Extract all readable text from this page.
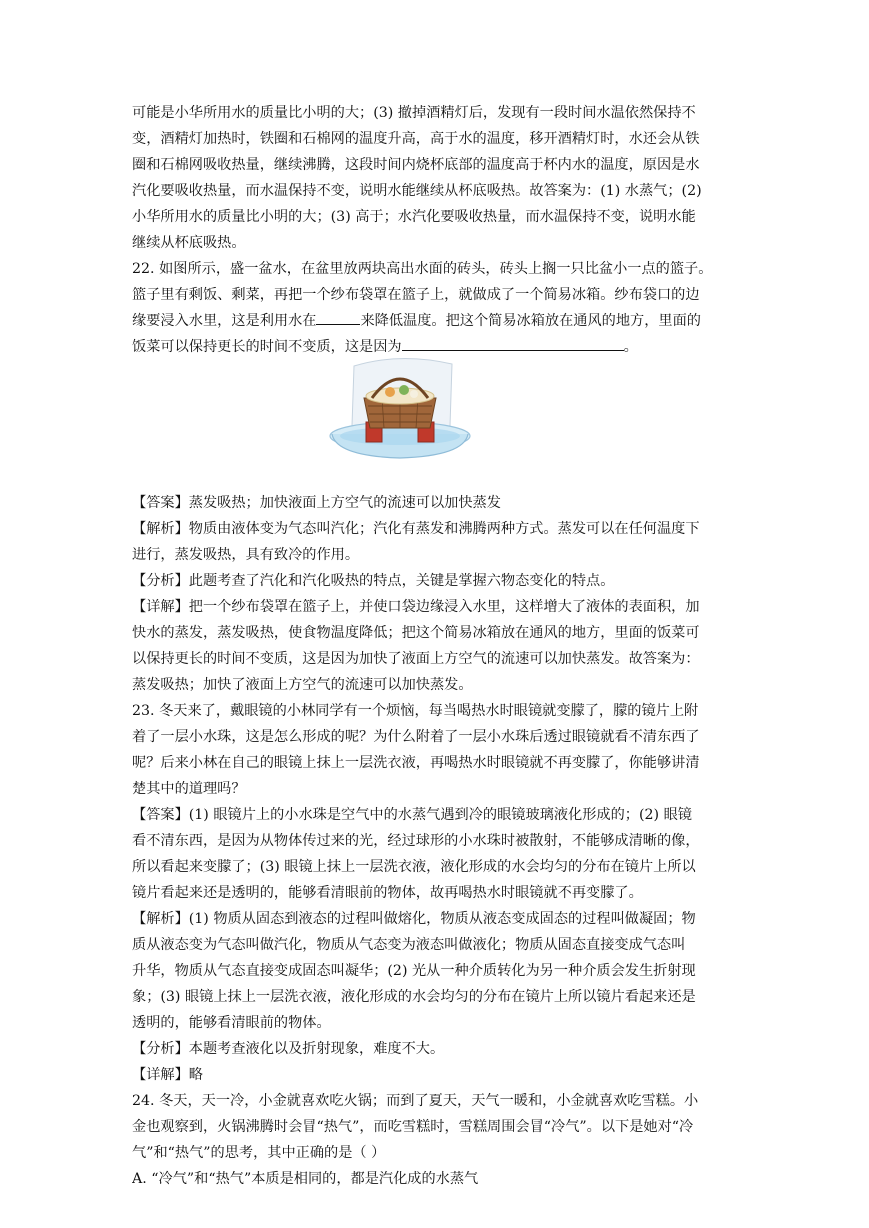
可能是小华所用水的质量比小明的大；(3) 撤掉酒精灯后，发现有一段时间水温依然保持不
变，酒精灯加热时，铁圈和石棉网的温度升高，高于水的温度，移开酒精灯时，水还会从铁
圈和石棉网吸收热量，继续沸腾，这段时间内烧杯底部的温度高于杯内水的温度，原因是水
汽化要吸收热量，而水温保持不变，说明水能继续从杯底吸热。故答案为：(1) 水蒸气；(2)
小华所用水的质量比小明的大；(3) 高于；水汽化要吸收热量，而水温保持不变，说明水能
继续从杯底吸热。
22. 如图所示，盛一盆水，在盆里放两块高出水面的砖头，砖头上搁一只比盆小一点的篮子。
篮子里有剩饭、剩菜，再把一个纱布袋罩在篮子上，就做成了一个简易冰箱。纱布袋口的边
缘要浸入水里，这是利用水在	来降低温度。把这个简易冰箱放在通风的地方，里面的
饭菜可以保持更长的时间不变质，这是因为	。
【答案】蒸发吸热；加快液面上方空气的流速可以加快蒸发
【解析】物质由液体变为气态叫汽化；汽化有蒸发和沸腾两种方式。蒸发可以在任何温度下
进行，蒸发吸热，具有致冷的作用。
【分析】此题考查了汽化和汽化吸热的特点，关键是掌握六物态变化的特点。
【详解】把一个纱布袋罩在篮子上，并使口袋边缘浸入水里，这样增大了液体的表面积，加
快水的蒸发，蒸发吸热，使食物温度降低；把这个简易冰箱放在通风的地方，里面的饭菜可
以保持更长的时间不变质，这是因为加快了液面上方空气的流速可以加快蒸发。故答案为：
蒸发吸热；加快了液面上方空气的流速可以加快蒸发。
23. 冬天来了，戴眼镜的小林同学有一个烦恼，每当喝热水时眼镜就变朦了，朦的镜片上附
着了一层小水珠，这是怎么形成的呢？为什么附着了一层小水珠后透过眼镜就看不清东西了
呢？后来小林在自己的眼镜上抹上一层洗衣液，再喝热水时眼镜就不再变朦了，你能够讲清
楚其中的道理吗？
【答案】(1) 眼镜片上的小水珠是空气中的水蒸气遇到冷的眼镜玻璃液化形成的；(2) 眼镜
看不清东西，是因为从物体传过来的光，经过球形的小水珠时被散射，不能够成清晰的像，
所以看起来变朦了；(3) 眼镜上抹上一层洗衣液，液化形成的水会均匀的分布在镜片上所以
镜片看起来还是透明的，能够看清眼前的物体，故再喝热水时眼镜就不再变朦了。
【解析】(1) 物质从固态到液态的过程叫做熔化，物质从液态变成固态的过程叫做凝固；物
质从液态变为气态叫做汽化，物质从气态变为液态叫做液化；物质从固态直接变成气态叫
升华，物质从气态直接变成固态叫凝华；(2) 光从一种介质转化为另一种介质会发生折射现
象；(3) 眼镜上抹上一层洗衣液，液化形成的水会均匀的分布在镜片上所以镜片看起来还是
透明的，能够看清眼前的物体。
【分析】本题考查液化以及折射现象，难度不大。
【详解】略
24. 冬天，天一冷，小金就喜欢吃火锅；而到了夏天，天气一暖和，小金就喜欢吃雪糕。小
金也观察到，火锅沸腾时会冒“热气”，而吃雪糕时，雪糕周围会冒“冷气”。以下是她对“冷
气”和“热气”的思考，其中正确的是（ ）
A. “冷气”和“热气”本质是相同的，都是汽化成的水蒸气
